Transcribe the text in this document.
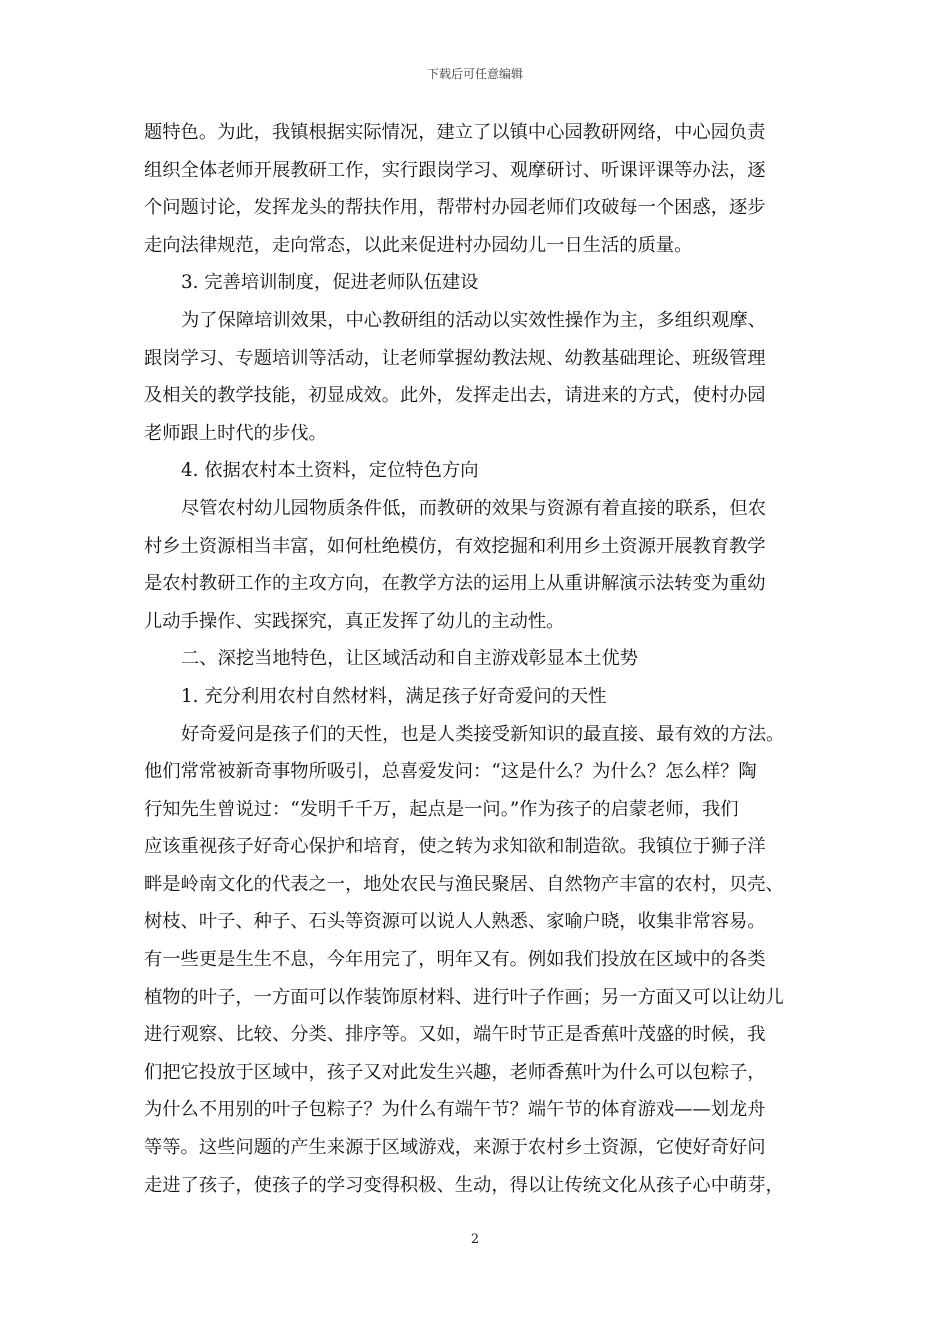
下载后可任意编辑
题特色。为此，我镇根据实际情况，建立了以镇中心园教研网络，中心园负责
组织全体老师开展教研工作，实行跟岗学习、观摩研讨、听课评课等办法，逐
个问题讨论，发挥龙头的帮扶作用，帮带村办园老师们攻破每一个困惑，逐步
走向法律规范，走向常态，以此来促进村办园幼儿一日生活的质量。
3. 完善培训制度，促进老师队伍建设
为了保障培训效果，中心教研组的活动以实效性操作为主，多组织观摩、
跟岗学习、专题培训等活动，让老师掌握幼教法规、幼教基础理论、班级管理
及相关的教学技能，初显成效。此外，发挥走出去，请进来的方式，使村办园
老师跟上时代的步伐。
4. 依据农村本土资料，定位特色方向
尽管农村幼儿园物质条件低，而教研的效果与资源有着直接的联系，但农
村乡土资源相当丰富，如何杜绝模仿，有效挖掘和利用乡土资源开展教育教学
是农村教研工作的主攻方向，在教学方法的运用上从重讲解演示法转变为重幼
儿动手操作、实践探究，真正发挥了幼儿的主动性。
二、深挖当地特色，让区域活动和自主游戏彰显本土优势
1. 充分利用农村自然材料，满足孩子好奇爱问的天性
好奇爱问是孩子们的天性，也是人类接受新知识的最直接、最有效的方法。
他们常常被新奇事物所吸引，总喜爱发问：“这是什么？为什么？怎么样？陶
行知先生曾说过：“发明千千万，起点是一问。”作为孩子的启蒙老师，我们
应该重视孩子好奇心保护和培育，使之转为求知欲和制造欲。我镇位于狮子洋
畔是岭南文化的代表之一，地处农民与渔民聚居、自然物产丰富的农村，贝壳、
树枝、叶子、种子、石头等资源可以说人人熟悉、家喻户晓，收集非常容易。
有一些更是生生不息，今年用完了，明年又有。例如我们投放在区域中的各类
植物的叶子，一方面可以作装饰原材料、进行叶子作画；另一方面又可以让幼儿
进行观察、比较、分类、排序等。又如，端午时节正是香蕉叶茂盛的时候，我
们把它投放于区域中，孩子又对此发生兴趣，老师香蕉叶为什么可以包粽子，
为什么不用别的叶子包粽子？为什么有端午节？端午节的体育游戏——划龙舟
等等。这些问题的产生来源于区域游戏，来源于农村乡土资源，它使好奇好问
走进了孩子，使孩子的学习变得积极、生动，得以让传统文化从孩子心中萌芽，
2
